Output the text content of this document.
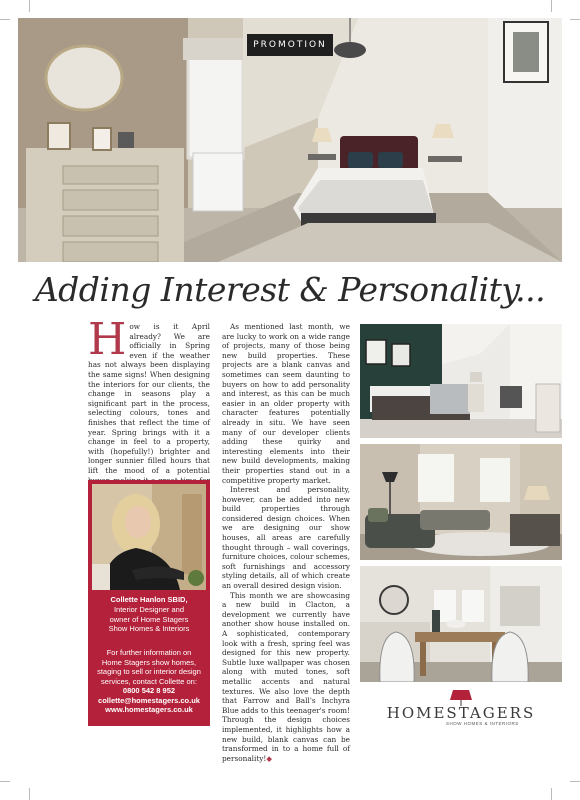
PROMOTION
Adding Interest & Personality...
H ow is it April already? We are officially in Spring even if the weather has not always been displaying the same signs! When designing the interiors for our clients, the change in seasons play a significant part in the process, selecting colours, tones and finishes that reflect the time of year. Spring brings with it a change in feel to a property, with (hopefully!) brighter and longer sunnier filled hours that lift the mood of a potential

As mentioned last month, we are lucky to work on a wide range of projects, many of those being new build properties. These projects are a blank canvas and sometimes can seem daunting to buyers on how to add personality and interest, as this can be much easier in an older property with character features potentially already in situ. We have seen many of our developer clients adding these quirky and interesting elements into their new build developments, making their properties stand out in a competitive property market.

Interest and personality, however, can be added into new build properties through considered design choices. When we are designing our show houses, all areas are carefully thought through – wall coverings, furniture choices, colour schemes, soft furnishings and accessory styling details, all of which create an overall desired design vision.

This month we are showcasing a new build in Clacton, a development we currently have another show house installed on. A sophisticated, contemporary look with a fresh, spring feel was designed for this new property. Subtle luxe wallpaper was chosen along with muted tones, soft metallic accents and natural textures. We also love the depth that Farrow and Ball's Inchyra Blue adds to this teenager's room! Through the design choices implemented, it highlights how a new build, blank canvas can be transformed in to a home full of personality!◆

Collette Hanlon SBID,
Interior Designer and
owner of Home Stagers
Show Homes & Interiors
For further information on
Home Stagers show homes,
staging to sell or interior design
services, contact Collette on:
0800 542 8 952
collette@homestagers.co.uk
www.homestagers.co.uk	HOMESTAGERS
SHOW HOMES & INTERIORS
